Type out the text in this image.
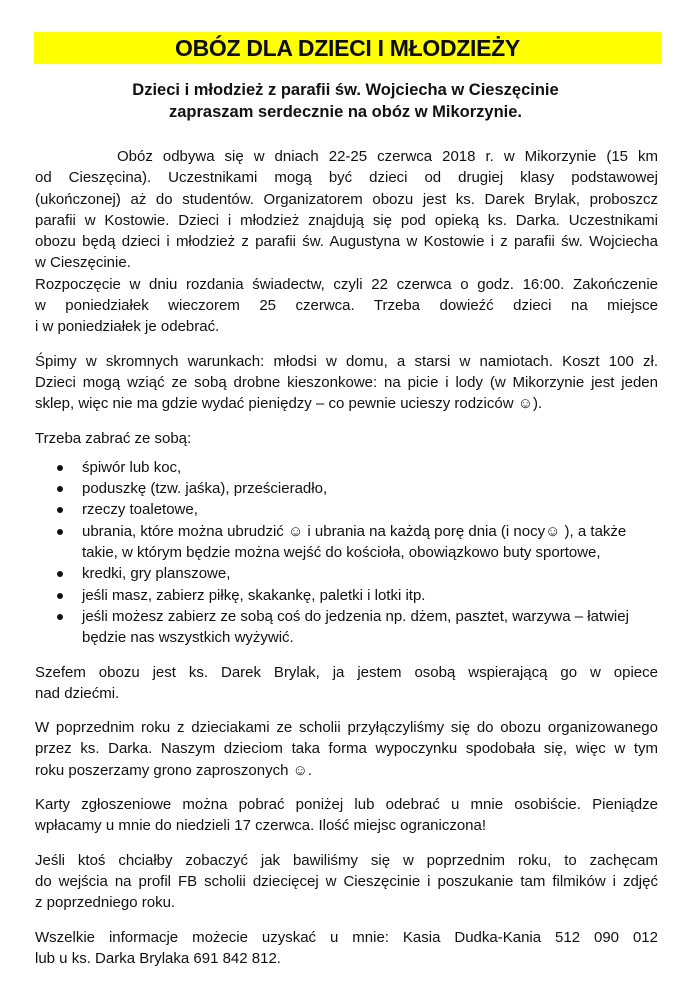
OBÓZ DLA DZIECI I MŁODZIEŻY
Dzieci i młodzież z parafii św. Wojciecha w Cieszęcinie
zapraszam serdecznie na obóz w Mikorzynie.
Obóz odbywa się w dniach 22-25 czerwca 2018 r. w Mikorzynie (15 km
od Cieszęcina). Uczestnikami mogą być dzieci od drugiej klasy podstawowej
(ukończonej) aż do studentów. Organizatorem obozu jest ks. Darek Brylak, proboszcz
parafii w Kostowie. Dzieci i młodzież znajdują się pod opieką ks. Darka. Uczestnikami
obozu będą dzieci i młodzież z parafii św. Augustyna w Kostowie i z parafii św. Wojciecha
w Cieszęcinie.
Rozpoczęcie w dniu rozdania świadectw, czyli 22 czerwca o godz. 16:00. Zakończenie
w poniedziałek wieczorem 25 czerwca. Trzeba dowieźć dzieci na miejsce
i w poniedziałek je odebrać.
Śpimy w skromnych warunkach: młodsi w domu, a starsi w namiotach. Koszt 100 zł.
Dzieci mogą wziąć ze sobą drobne kieszonkowe: na picie i lody (w Mikorzynie jest jeden
sklep, więc nie ma gdzie wydać pieniędzy – co pewnie ucieszy rodziców ☺).
Trzeba zabrać ze sobą:
śpiwór lub koc,
poduszkę (tzw. jaśka), prześcieradło,
rzeczy toaletowe,
ubrania, które można ubrudzić ☺ i ubrania na każdą porę dnia (i nocy☺ ), a także
takie, w którym będzie można wejść do kościoła, obowiązkowo buty sportowe,
kredki, gry planszowe,
jeśli masz, zabierz piłkę, skakankę, paletki i lotki itp.
jeśli możesz zabierz ze sobą coś do jedzenia np. dżem, pasztet, warzywa – łatwiej
będzie nas wszystkich wyżywić.
Szefem obozu jest ks. Darek Brylak, ja jestem osobą wspierającą go w opiece
nad dziećmi.
W poprzednim roku z dzieciakami ze scholii przyłączyliśmy się do obozu organizowanego
przez ks. Darka. Naszym dzieciom taka forma wypoczynku spodobała się, więc w tym
roku poszerzamy grono zaproszonych ☺.
Karty zgłoszeniowe można pobrać poniżej lub odebrać u mnie osobiście. Pieniądze
wpłacamy u mnie do niedzieli 17 czerwca. Ilość miejsc ograniczona!
Jeśli ktoś chciałby zobaczyć jak bawiliśmy się w poprzednim roku, to zachęcam
do wejścia na profil FB scholii dziecięcej w Cieszęcinie i poszukanie tam filmików i zdjęć
z poprzedniego roku.
Wszelkie informacje możecie uzyskać u mnie: Kasia Dudka-Kania 512 090 012
lub u ks. Darka Brylaka 691 842 812.
